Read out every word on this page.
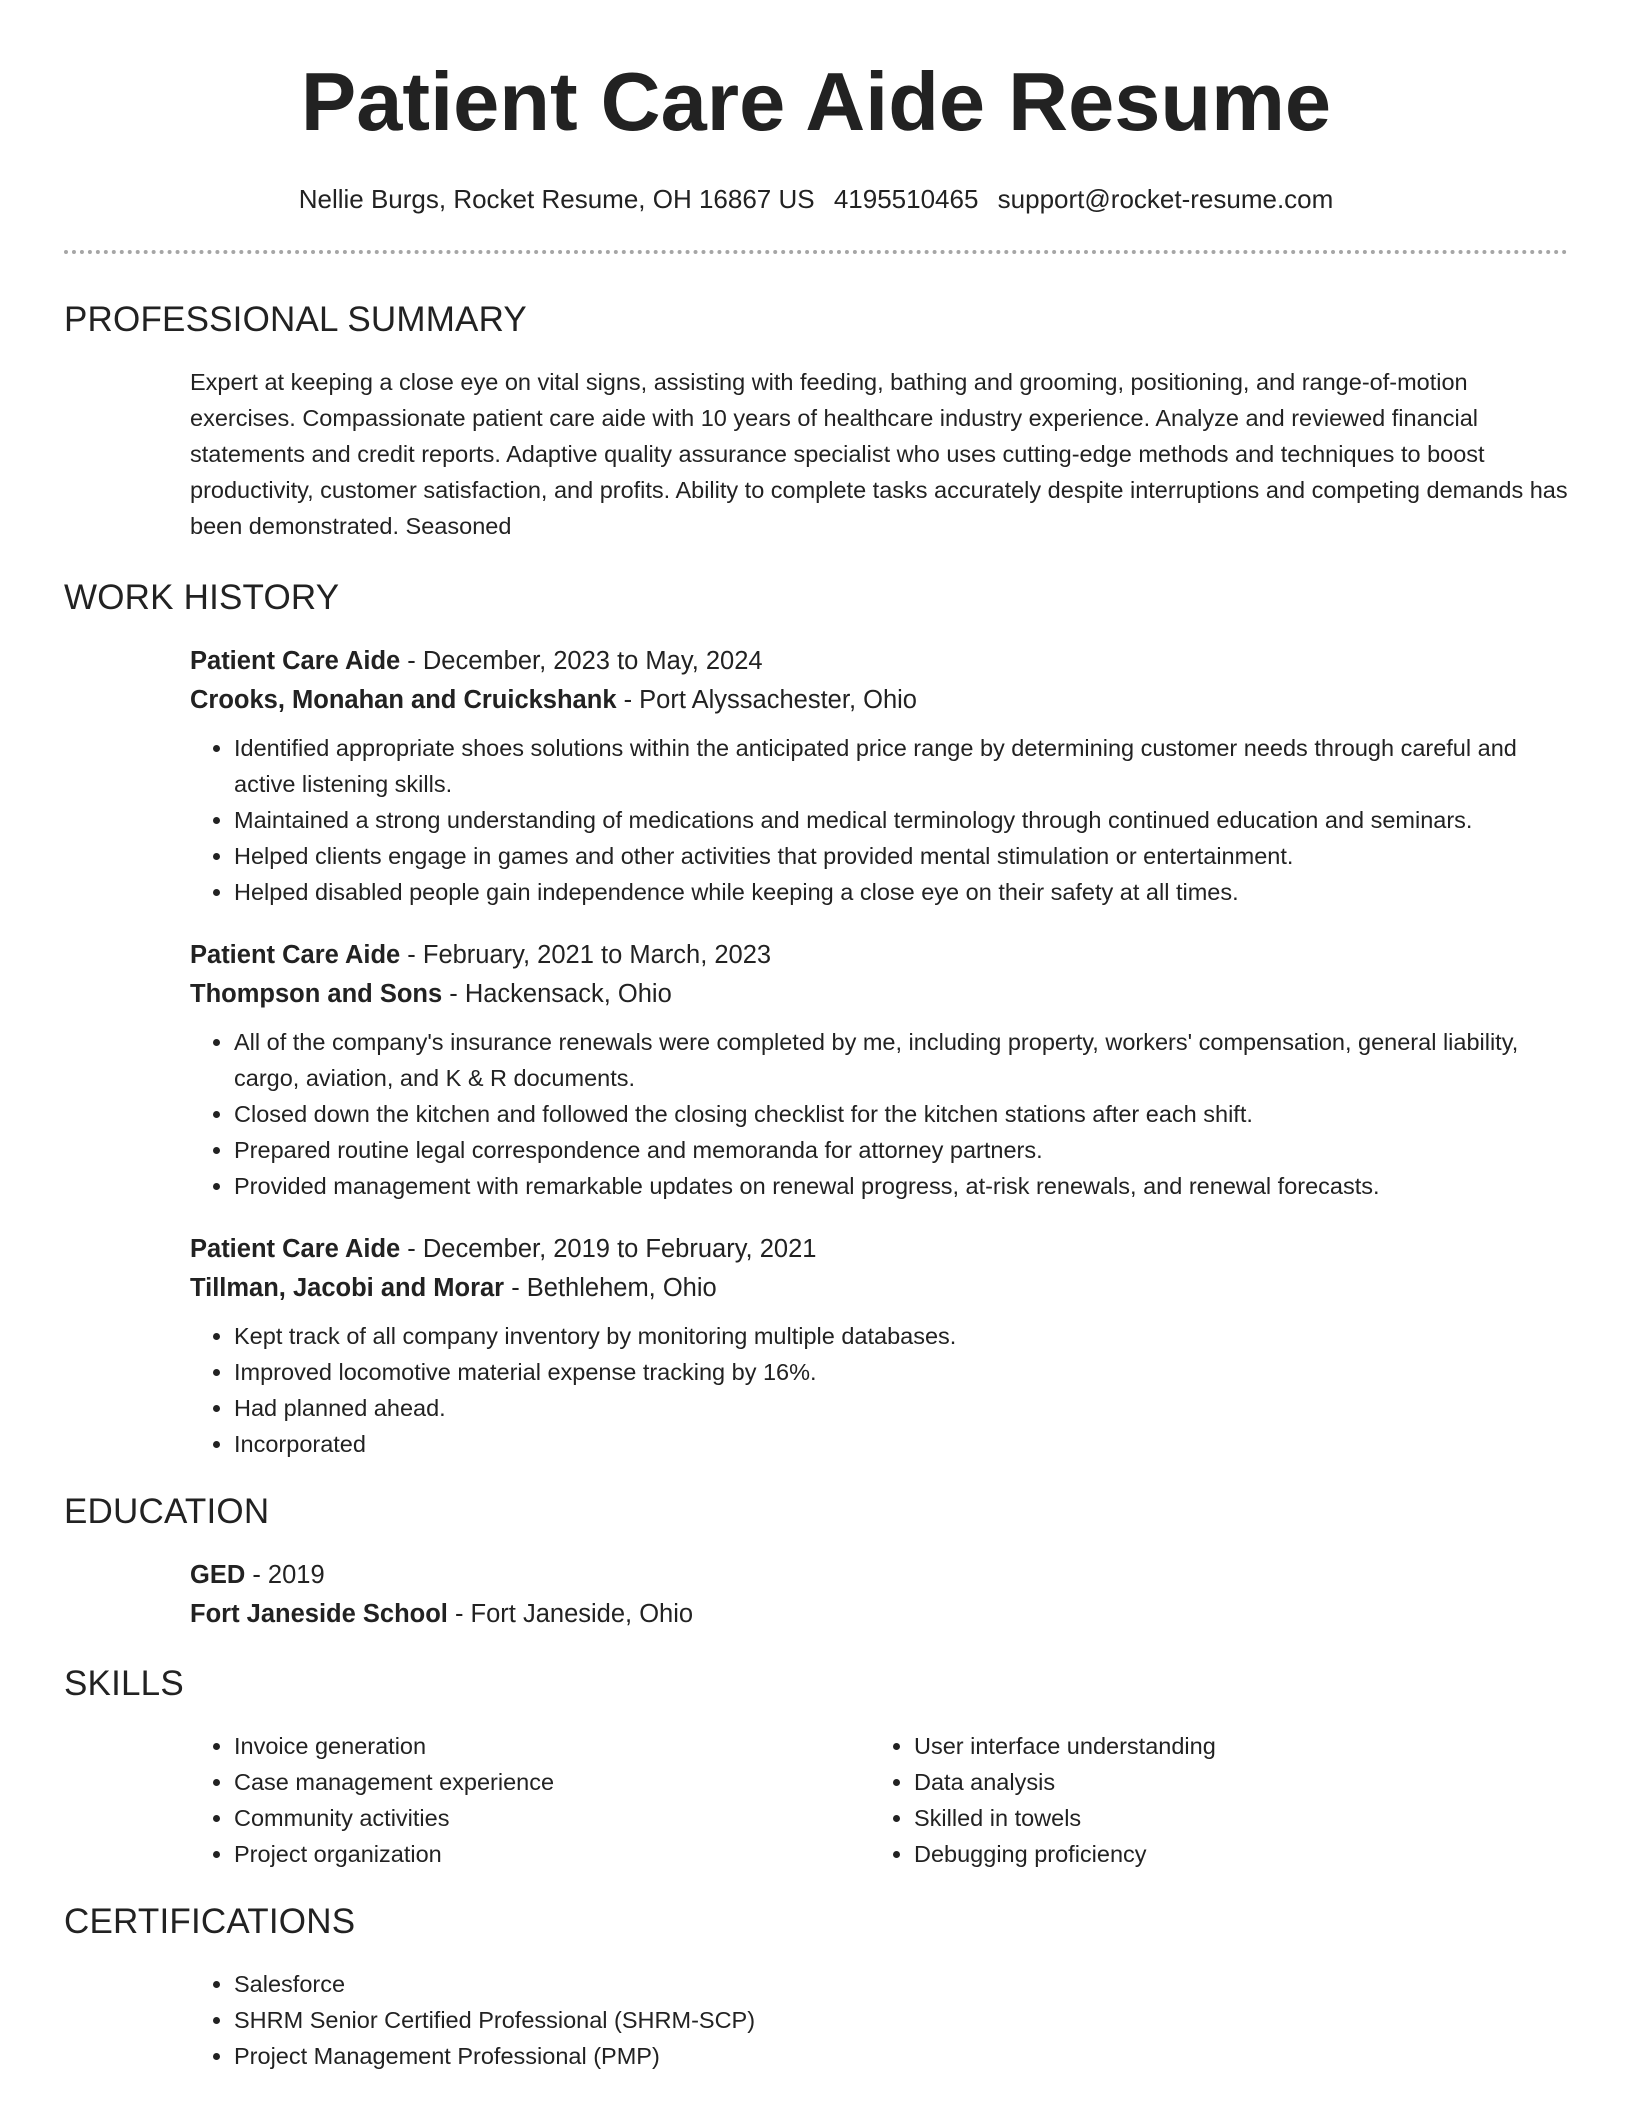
Patient Care Aide Resume
Nellie Burgs, Rocket Resume, OH 16867 US 4195510465 support@rocket-resume.com
PROFESSIONAL SUMMARY

Expert at keeping a close eye on vital signs, assisting with feeding, bathing and grooming, positioning, and range-of-motion exercises. Compassionate patient care aide with 10 years of healthcare industry experience. Analyze and reviewed financial statements and credit reports. Adaptive quality assurance specialist who uses cutting-edge methods and techniques to boost productivity, customer satisfaction, and profits. Ability to complete tasks accurately despite interruptions and competing demands has been demonstrated. Seasoned

WORK HISTORY
Patient Care Aide - December, 2023 to May, 2024
Crooks, Monahan and Cruickshank - Port Alyssachester, Ohio
• Identified appropriate shoes solutions within the anticipated price range by determining customer needs through careful and active listening skills.
• Maintained a strong understanding of medications and medical terminology through continued education and seminars.
• Helped clients engage in games and other activities that provided mental stimulation or entertainment.
• Helped disabled people gain independence while keeping a close eye on their safety at all times.
Patient Care Aide - February, 2021 to March, 2023
Thompson and Sons - Hackensack, Ohio
• All of the company's insurance renewals were completed by me, including property, workers' compensation, general liability, cargo, aviation, and K & R documents.
• Closed down the kitchen and followed the closing checklist for the kitchen stations after each shift.
• Prepared routine legal correspondence and memoranda for attorney partners.
• Provided management with remarkable updates on renewal progress, at-risk renewals, and renewal forecasts.
Patient Care Aide - December, 2019 to February, 2021
Tillman, Jacobi and Morar - Bethlehem, Ohio
• Kept track of all company inventory by monitoring multiple databases.
• Improved locomotive material expense tracking by 16%.
• Had planned ahead.
• Incorporated
EDUCATION
GED - 2019
Fort Janeside School - Fort Janeside, Ohio
SKILLS
• Invoice generation
• Case management experience
• Community activities
• Project organization
• User interface understanding
• Data analysis
• Skilled in towels
• Debugging proficiency
CERTIFICATIONS
• Salesforce
• SHRM Senior Certified Professional (SHRM-SCP)
• Project Management Professional (PMP)
